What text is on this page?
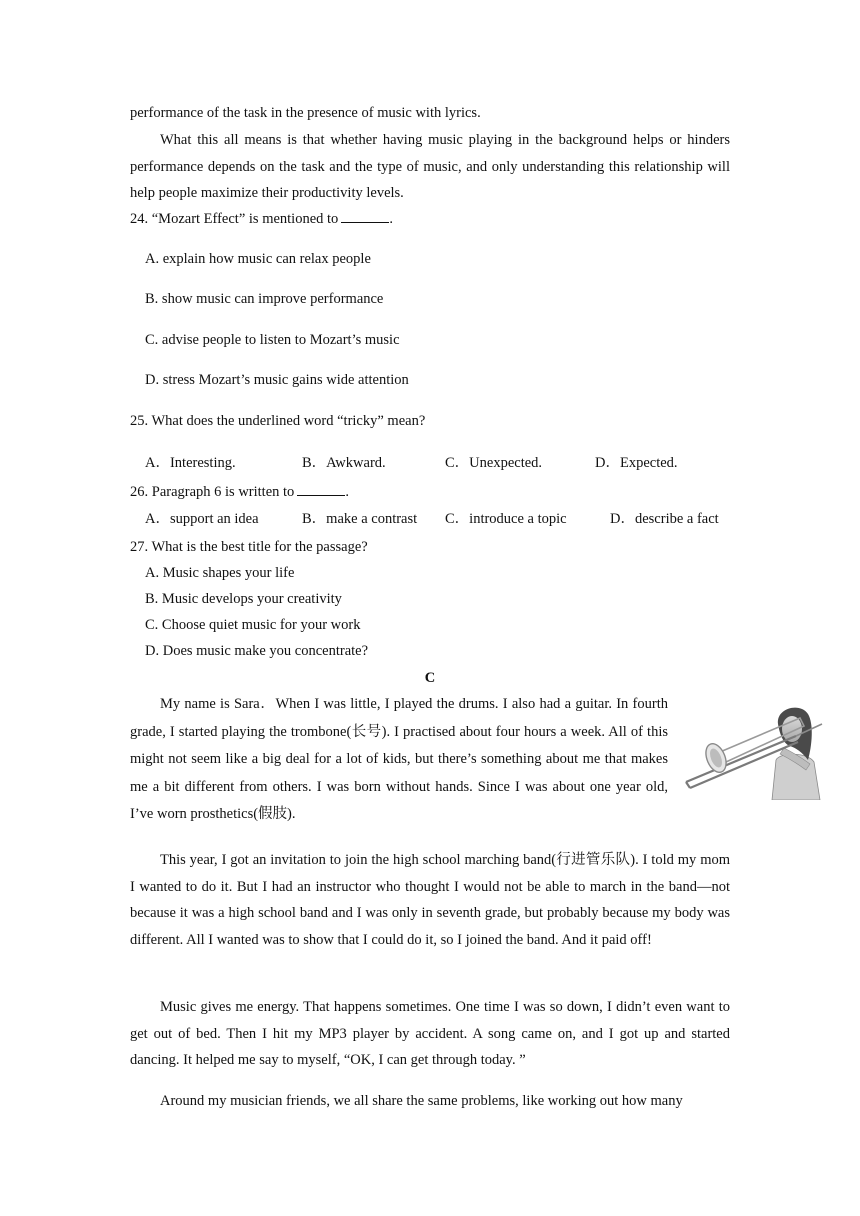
performance of the task in the presence of music with lyrics.
What this all means is that whether having music playing in the background helps or hinders performance depends on the task and the type of music, and only understanding this relationship will help people maximize their productivity levels.
24. “Mozart Effect” is mentioned to	.
A. explain how music can relax people
B. show music can improve performance
C. advise people to listen to Mozart’s music
D. stress Mozart’s music gains wide attention
25. What does the underlined word “tricky” mean?
A．Interesting.	B．Awkward.	C．Unexpected.	D．Expected.
26. Paragraph 6 is written to	.
A．support an idea	B．make a contrast C．introduce a topic	D．describe a fact
27. What is the best title for the passage?
A. Music shapes your life
B. Music develops your creativity
C. Choose quiet music for your work
D. Does music make you concentrate?
C
My name is Sara．When I was little, I played the drums. I also had a guitar. In fourth grade, I started playing the trombone(长号). I practised about four hours a week. All of this might not seem like a big deal for a lot of kids, but there’s something about me that makes me a bit different from others. I was born without hands. Since I was about one year old, I’ve worn prosthetics(假肢).
This year, I got an invitation to join the high school marching band(行进管乐队). I told my mom I wanted to do it. But I had an instructor who thought I would not be able to march in the band—not because it was a high school band and I was only in seventh grade, but probably because my body was different. All I wanted was to show that I could do it, so I joined the band. And it paid off!
Music gives me energy. That happens sometimes. One time I was so down, I didn’t even want to get out of bed. Then I hit my MP3 player by accident. A song came on, and I got up and started dancing. It helped me say to myself, “OK, I can get through today. ”
Around my musician friends, we all share the same problems, like working out how many
